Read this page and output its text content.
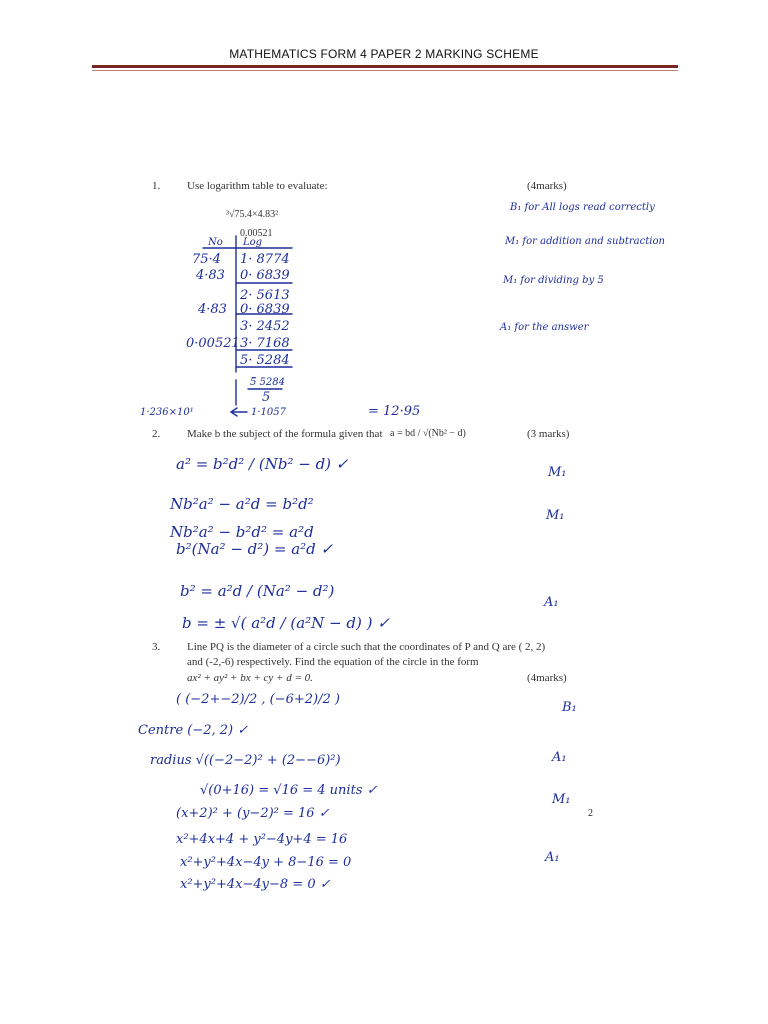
MATHEMATICS FORM 4 PAPER 2 MARKING SCHEME
1. Use logarithm table to evaluate:	(4marks)
³√75.4×4.83²
0.00521
No Log
75·4 1· 8774
4·83 0· 6839
2· 5613
4·83 0· 6839
3· 2452
0·00521 3· 7168
5· 5284
5̅ 5284
5
1·236×10¹	1·1057	= 12·95
B₁ for All logs read correctly
M₁ for addition and subtraction
M₁ for dividing by 5
A₁ for the answer
2. Make b the subject of the formula given that a = bd / √(Nb² − d)	(3 marks)
a² = b²d² / (Nb² − d) ✓
Nb²a² − a²d = b²d²
Nb²a² − b²d² = a²d
b²(Na² − d²) = a²d ✓
b² = a²d / (Na² − d²)
b = ± √( a²d / (a²N − d) ) ✓
M₁
M₁
A₁
3. Line PQ is the diameter of a circle such that the coordinates of P and Q are ( 2, 2)
and (-2,-6) respectively. Find the equation of the circle in the form
ax² + ay² + bx + cy + d = 0.	(4marks)
( (−2+−2)/2 , (−6+2)/2 )
Centre (−2, 2) ✓
radius √((−2−2)² + (2−−6)²)
√(0+16) = √16 = 4 units ✓
(x+2)² + (y−2)² = 16 ✓
x²+4x+4 + y²−4y+4 = 16
x²+y²+4x−4y + 8−16 = 0
x²+y²+4x−4y−8 = 0 ✓
B₁
A₁
M₁
A₁
2
